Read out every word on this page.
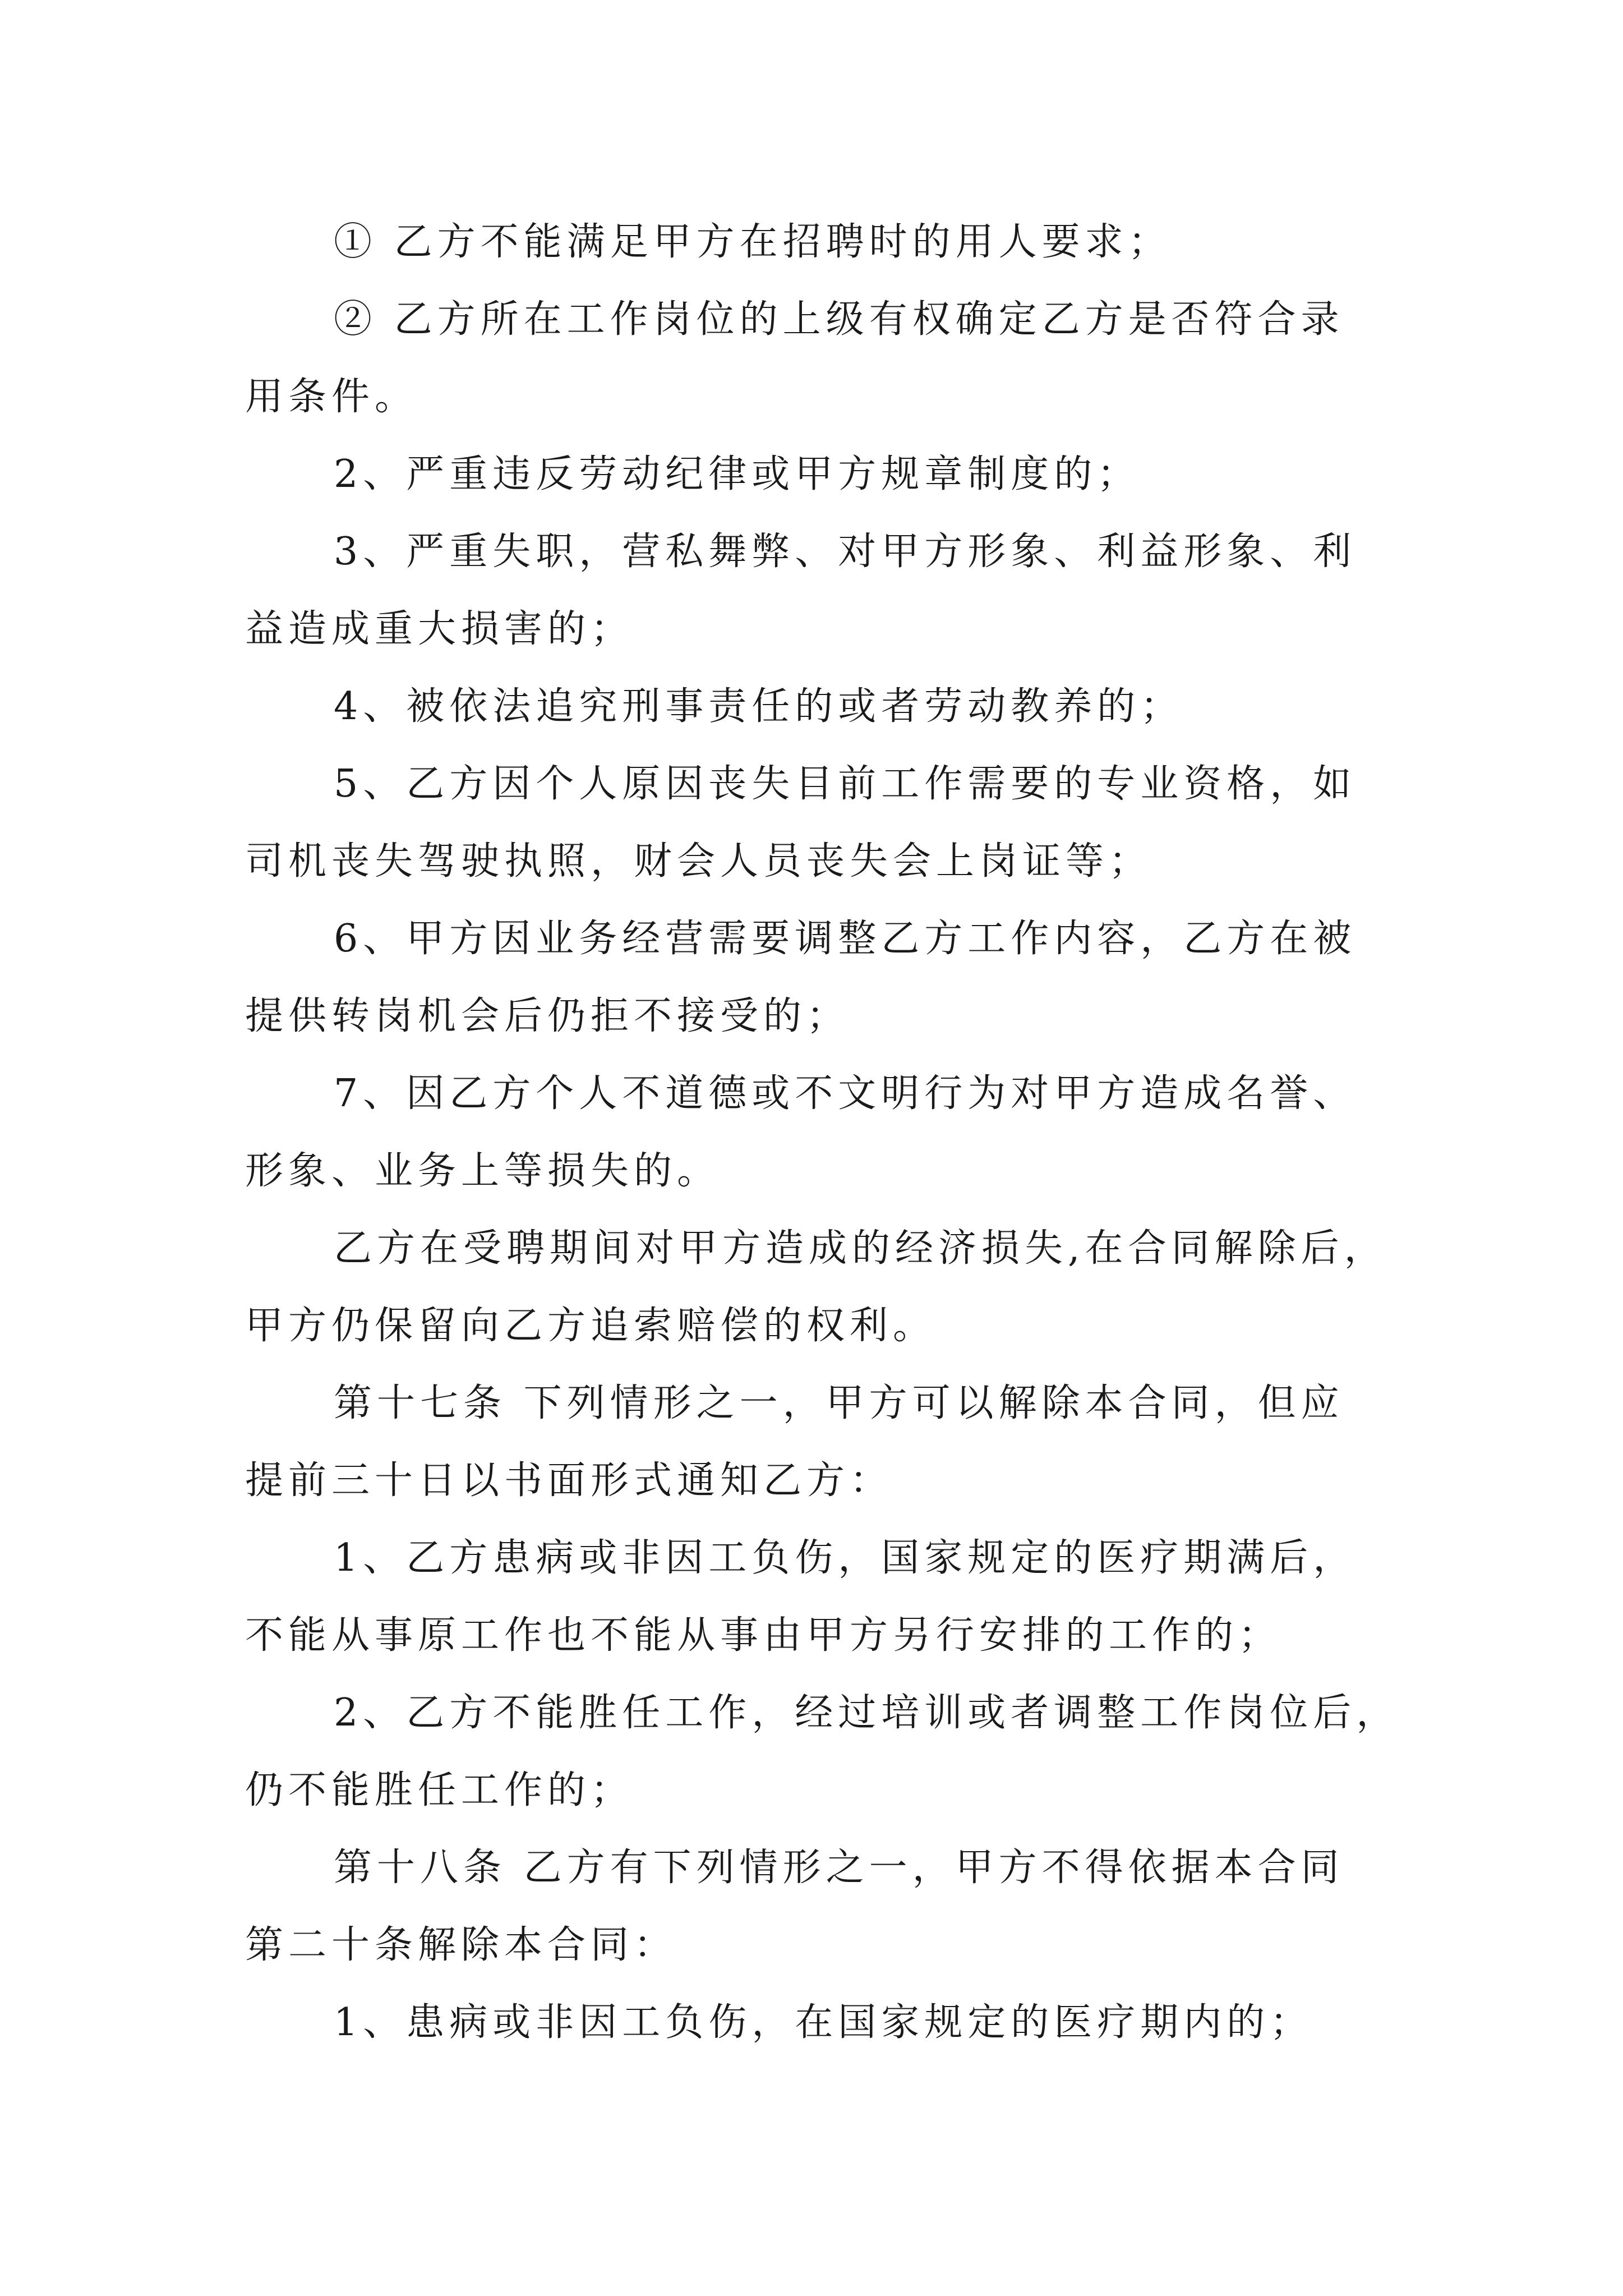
① 乙方不能满足甲方在招聘时的用人要求；
② 乙方所在工作岗位的上级有权确定乙方是否符合录
用条件。
2、严重违反劳动纪律或甲方规章制度的；
3、严重失职，营私舞弊、对甲方形象、利益形象、利
益造成重大损害的；
4、被依法追究刑事责任的或者劳动教养的；
5、乙方因个人原因丧失目前工作需要的专业资格，如
司机丧失驾驶执照，财会人员丧失会上岗证等；
6、甲方因业务经营需要调整乙方工作内容，乙方在被
提供转岗机会后仍拒不接受的；
7、因乙方个人不道德或不文明行为对甲方造成名誉、
形象、业务上等损失的。
乙方在受聘期间对甲方造成的经济损失,在合同解除后，
甲方仍保留向乙方追索赔偿的权利。
第十七条 下列情形之一，甲方可以解除本合同，但应
提前三十日以书面形式通知乙方：
1、乙方患病或非因工负伤，国家规定的医疗期满后，
不能从事原工作也不能从事由甲方另行安排的工作的；
2、乙方不能胜任工作，经过培训或者调整工作岗位后，
仍不能胜任工作的；
第十八条 乙方有下列情形之一，甲方不得依据本合同
第二十条解除本合同：
1、患病或非因工负伤，在国家规定的医疗期内的；
